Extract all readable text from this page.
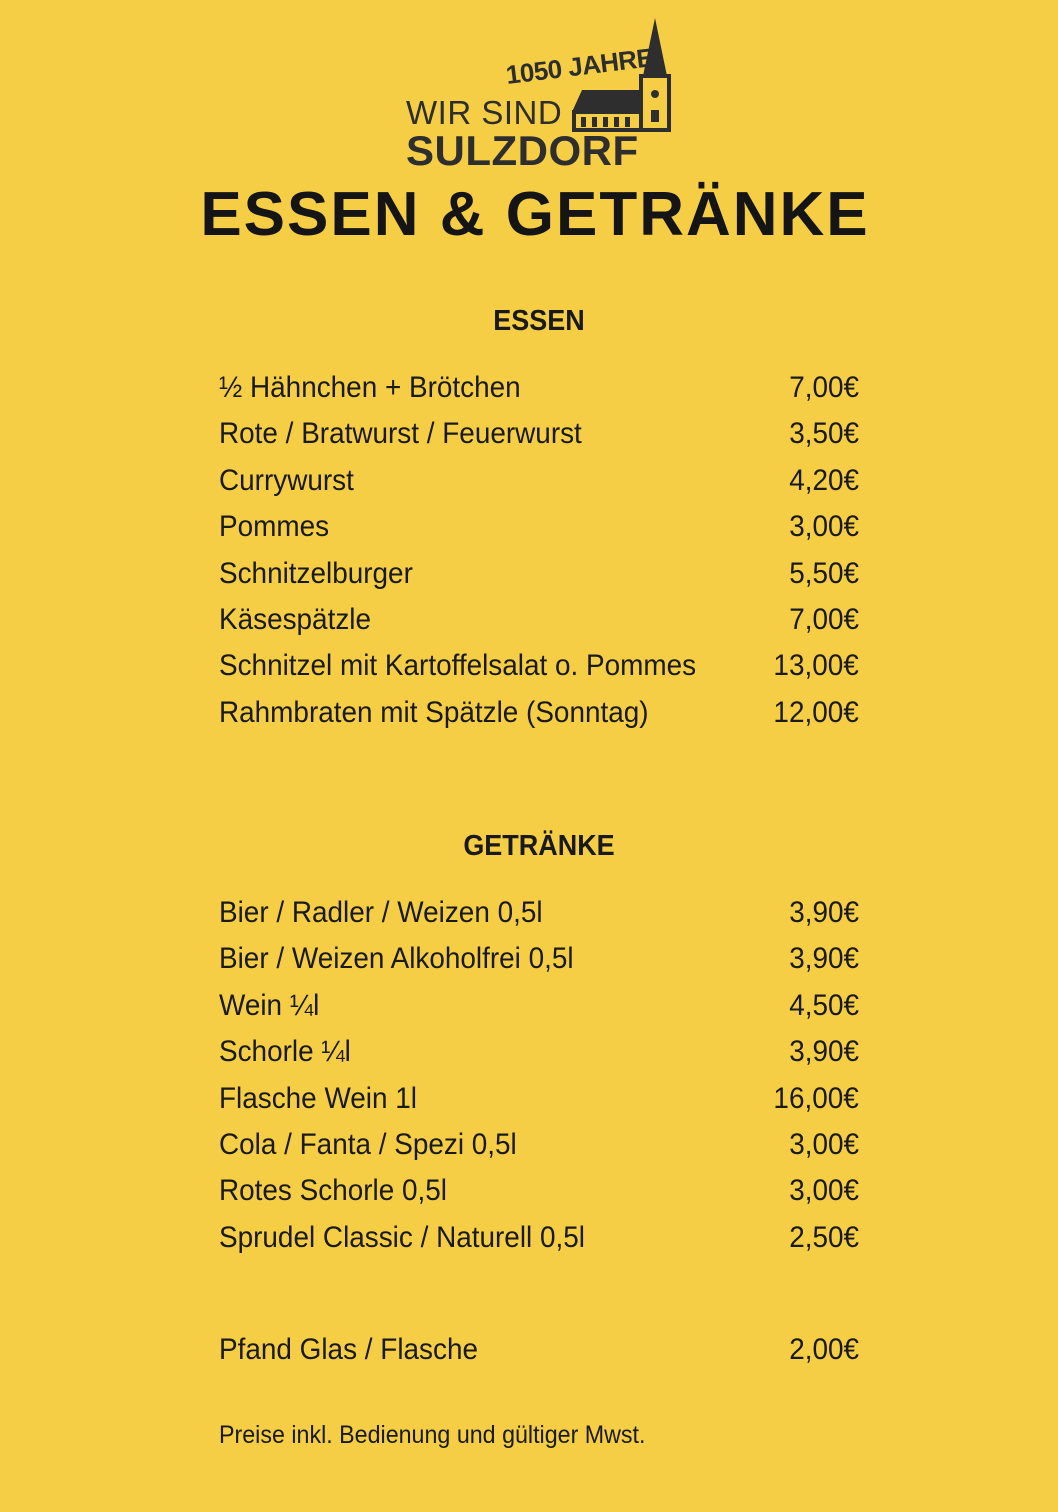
1050 JAHRE
WIR SIND
SULZDORF
ESSEN & GETRÄNKE
ESSEN
½ Hähnchen + Brötchen	7,00€
Rote / Bratwurst / Feuerwurst	3,50€
Currywurst	4,20€
Pommes	3,00€
Schnitzelburger	5,50€
Käsespätzle	7,00€
Schnitzel mit Kartoffelsalat o. Pommes	13,00€
Rahmbraten mit Spätzle (Sonntag)	12,00€
GETRÄNKE
Bier / Radler / Weizen 0,5l	3,90€
Bier / Weizen Alkoholfrei 0,5l	3,90€
Wein ¼l	4,50€
Schorle ¼l	3,90€
Flasche Wein 1l	16,00€
Cola / Fanta / Spezi 0,5l	3,00€
Rotes Schorle 0,5l	3,00€
Sprudel Classic / Naturell 0,5l	2,50€
Pfand Glas / Flasche	2,00€
Preise inkl. Bedienung und gültiger Mwst.
